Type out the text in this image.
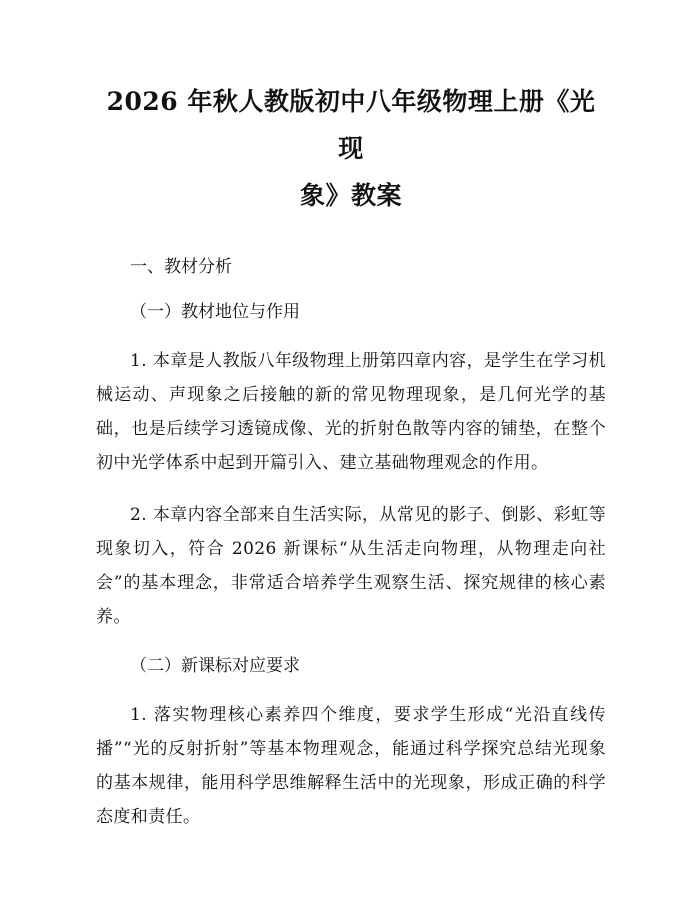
2026 年秋人教版初中八年级物理上册《光现
象》教案

一、教材分析

（一）教材地位与作用

1. 本章是人教版八年级物理上册第四章内容，是学生在学习机械运动、声现象之后接触的新的常见物理现象，是几何光学的基础，也是后续学习透镜成像、光的折射色散等内容的铺垫，在整个初中光学体系中起到开篇引入、建立基础物理观念的作用。

2. 本章内容全部来自生活实际，从常见的影子、倒影、彩虹等现象切入，符合 2026 新课标“从生活走向物理，从物理走向社会”的基本理念，非常适合培养学生观察生活、探究规律的核心素养。

（二）新课标对应要求

1. 落实物理核心素养四个维度，要求学生形成“光沿直线传播”“光的反射折射”等基本物理观念，能通过科学探究总结光现象的基本规律，能用科学思维解释生活中的光现象，形成正确的科学态度和责任。
